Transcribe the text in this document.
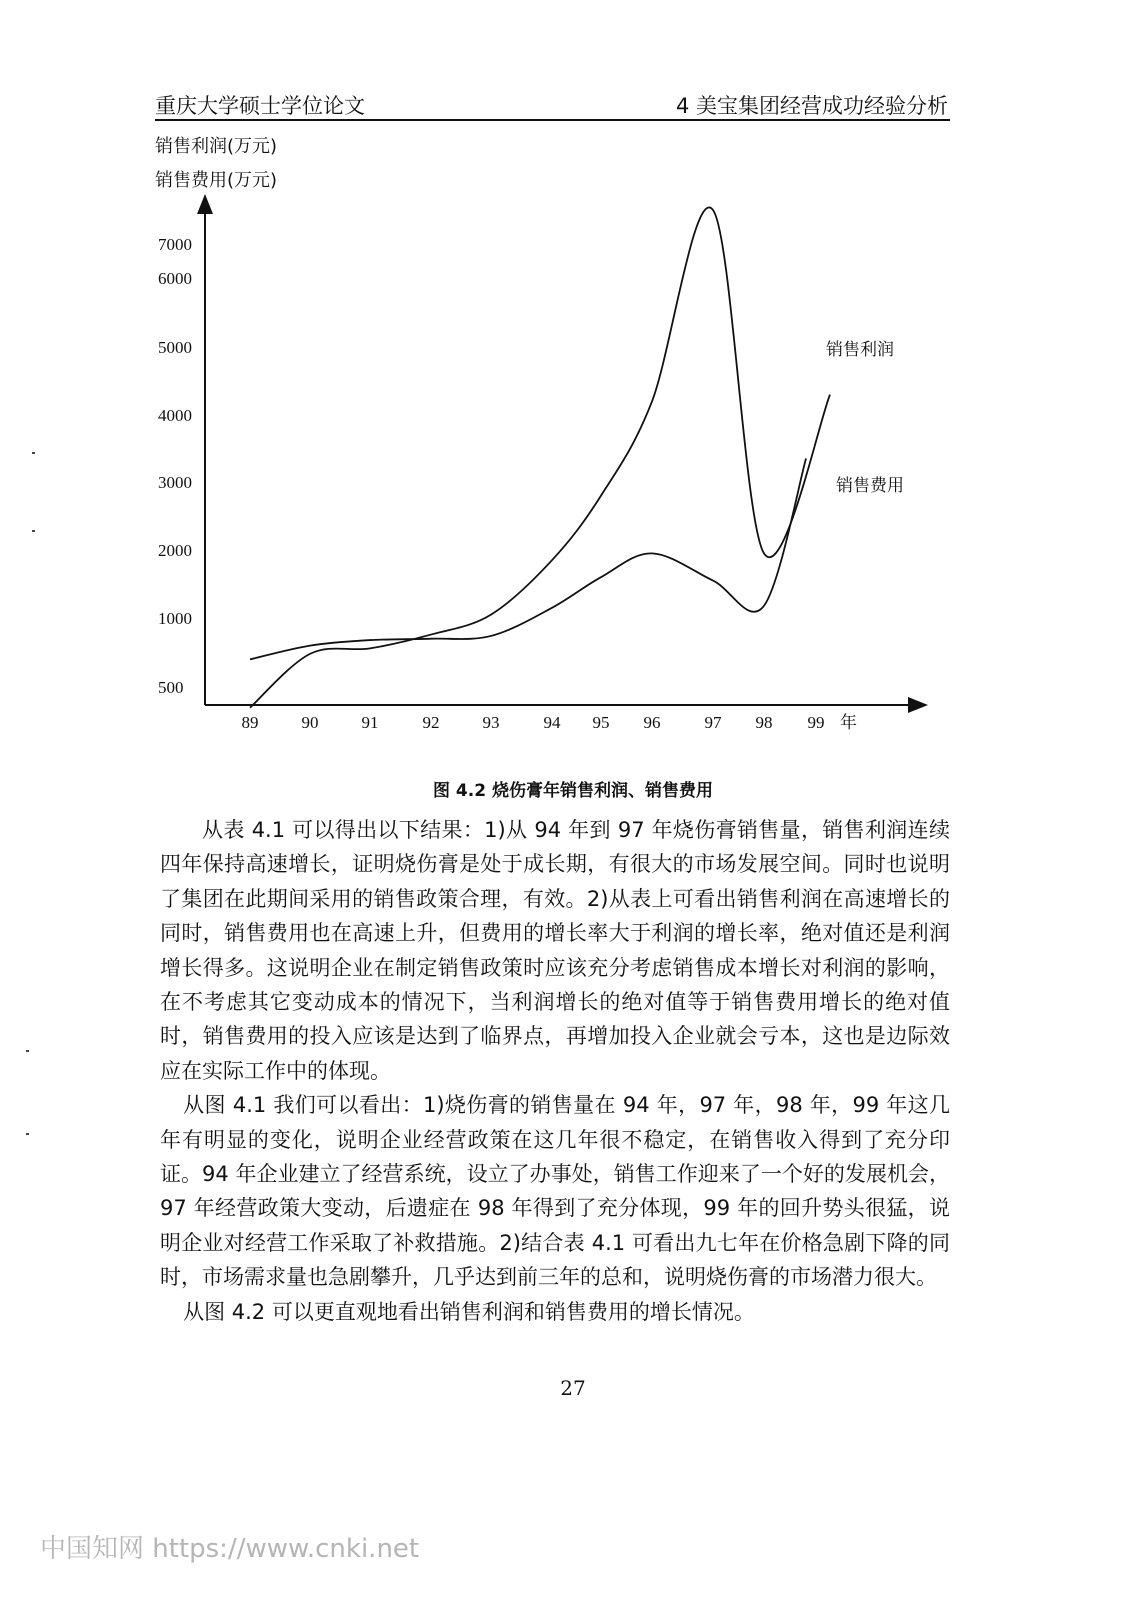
重庆大学硕士学位论文	4 美宝集团经营成功经验分析
销售利润(万元)
销售费用(万元)
500
1000
2000
3000
4000
5000
6000
7000
89	90	91	92	93	94 95 96	97 98 99 年
销售利润
销售费用
图 4.2 烧伤膏年销售利润、销售费用

从表 4.1 可以得出以下结果：1)从 94 年到 97 年烧伤膏销售量，销售利润连续四年保持高速增长，证明烧伤膏是处于成长期，有很大的市场发展空间。同时也说明了集团在此期间采用的销售政策合理，有效。2)从表上可看出销售利润在高速增长的同时，销售费用也在高速上升，但费用的增长率大于利润的增长率，绝对值还是利润增长得多。这说明企业在制定销售政策时应该充分考虑销售成本增长对利润的影响，在不考虑其它变动成本的情况下，当利润增长的绝对值等于销售费用增长的绝对值时，销售费用的投入应该是达到了临界点，再增加投入企业就会亏本，这也是边际效应在实际工作中的体现。

从图 4.1 我们可以看出：1)烧伤膏的销售量在 94 年，97 年，98 年，99 年这几年有明显的变化，说明企业经营政策在这几年很不稳定，在销售收入得到了充分印证。94 年企业建立了经营系统，设立了办事处，销售工作迎来了一个好的发展机会，97 年经营政策大变动，后遗症在 98 年得到了充分体现，99 年的回升势头很猛，说明企业对经营工作采取了补救措施。2)结合表 4.1 可看出九七年在价格急剧下降的同时，市场需求量也急剧攀升，几乎达到前三年的总和，说明烧伤膏的市场潜力很大。

从图 4.2 可以更直观地看出销售利润和销售费用的增长情况。

27
中国知网 https://www.cnki.net
